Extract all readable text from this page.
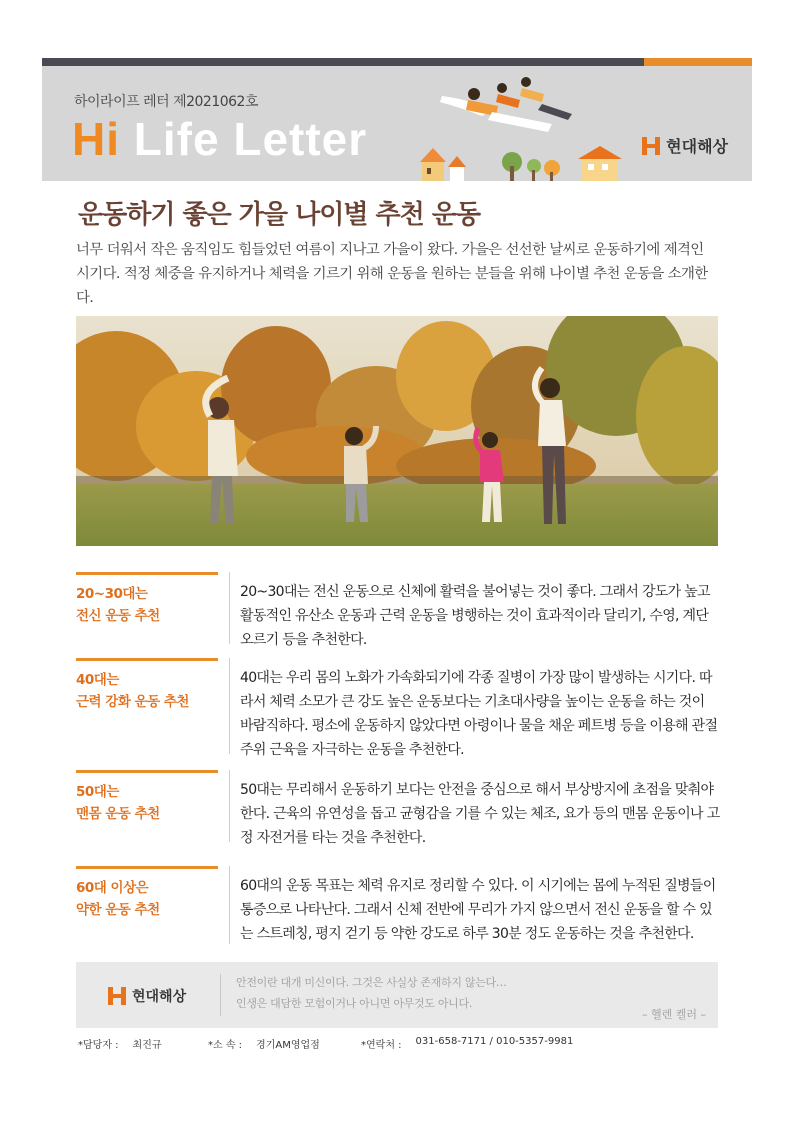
하이라이프 레터 제2021062호
Hi Life Letter	현대해상
운동하기 좋은 가을 나이별 추천 운동

너무 더워서 작은 움직임도 힘들었던 여름이 지나고 가을이 왔다. 가을은 선선한 날씨로 운동하기에 제격인 시기다. 적정 체중을 유지하거나 체력을 기르기 위해 운동을 원하는 분들을 위해 나이별 추천 운동을 소개한다.

20~30대는
전신 운동 추천

20~30대는 전신 운동으로 신체에 활력을 불어넣는 것이 좋다. 그래서 강도가 높고 활동적인 유산소 운동과 근력 운동을 병행하는 것이 효과적이라 달리기, 수영, 계단 오르기 등을 추천한다.

40대는
근력 강화 운동 추천

40대는 우리 몸의 노화가 가속화되기에 각종 질병이 가장 많이 발생하는 시기다. 따라서 체력 소모가 큰 강도 높은 운동보다는 기초대사량을 높이는 운동을 하는 것이 바람직하다. 평소에 운동하지 않았다면 아령이나 물을 채운 페트병 등을 이용해 관절 주위 근육을 자극하는 운동을 추천한다.

50대는
맨몸 운동 추천

50대는 무리해서 운동하기 보다는 안전을 중심으로 해서 부상방지에 초점을 맞춰야 한다. 근육의 유연성을 돕고 균형감을 기를 수 있는 체조, 요가 등의 맨몸 운동이나 고정 자전거를 타는 것을 추천한다.

60대 이상은
약한 운동 추천

60대의 운동 목표는 체력 유지로 정리할 수 있다. 이 시기에는 몸에 누적된 질병들이 통증으로 나타난다. 그래서 신체 전반에 무리가 가지 않으면서 전신 운동을 할 수 있는 스트레칭, 평지 걷기 등 약한 강도로 하루 30분 정도 운동하는 것을 추천한다.

현대해상
안전이란 대개 미신이다. 그것은 사실상 존재하지 않는다…
인생은 대담한 모험이거나 아니면 아무것도 아니다.
– 헬렌 켈러 –
*담당자 : 최진규	*소 속 : 경기AM영업점	*연락처 : 031-658-7171 / 010-5357-9981
